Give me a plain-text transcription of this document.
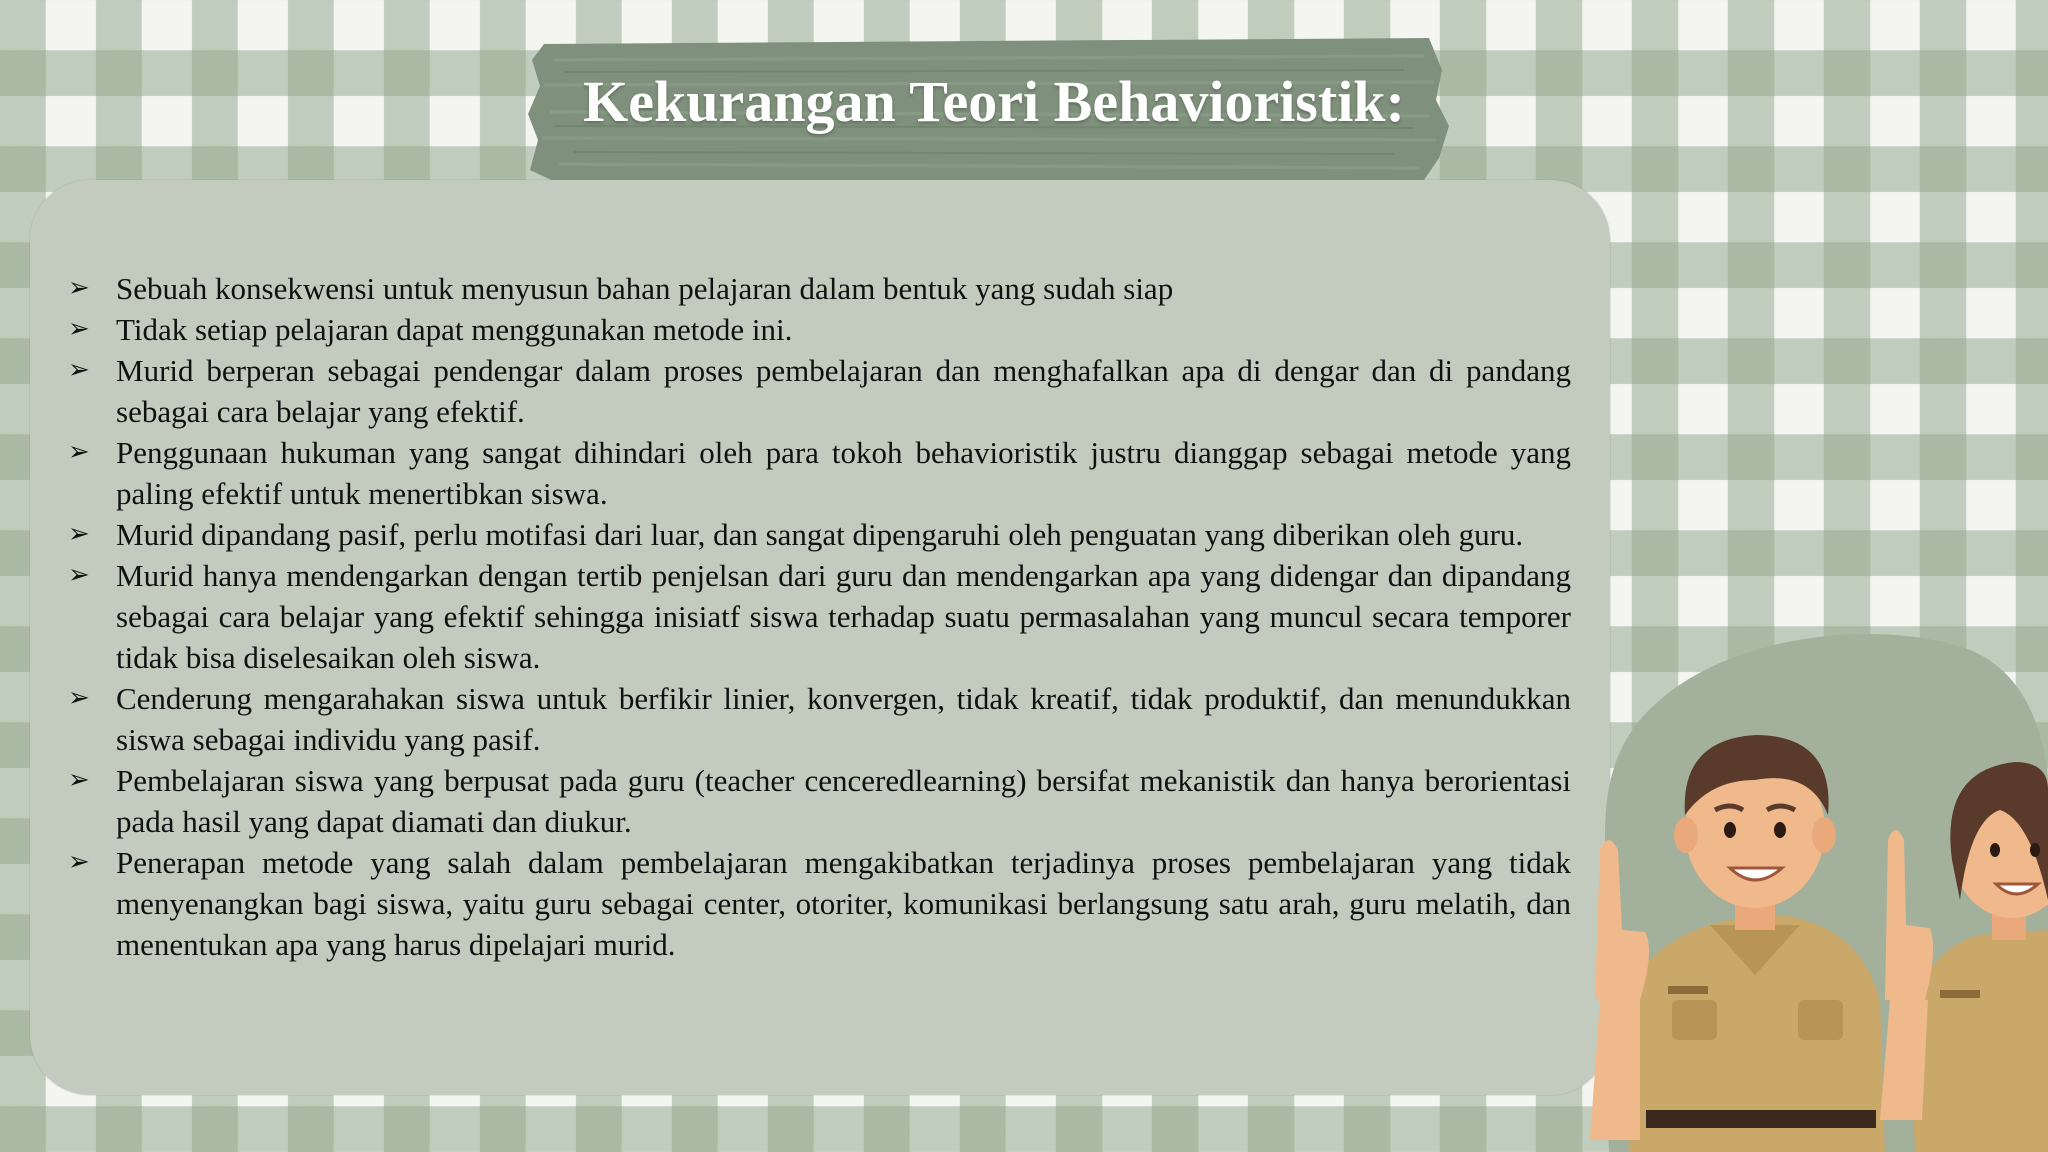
Kekurangan Teori Behavioristik:
➢ Sebuah konsekwensi untuk menyusun bahan pelajaran dalam bentuk yang sudah siap
➢ Tidak setiap pelajaran dapat menggunakan metode ini.
➢ Murid berperan sebagai pendengar dalam proses pembelajaran dan menghafalkan apa di dengar dan di pandang sebagai cara belajar yang efektif.
➢ Penggunaan hukuman yang sangat dihindari oleh para tokoh behavioristik justru dianggap sebagai metode yang paling efektif untuk menertibkan siswa.
➢ Murid dipandang pasif, perlu motifasi dari luar, dan sangat dipengaruhi oleh penguatan yang diberikan oleh guru.
➢ Murid hanya mendengarkan dengan tertib penjelsan dari guru dan mendengarkan apa yang didengar dan dipandang sebagai cara belajar yang efektif sehingga inisiatf siswa terhadap suatu permasalahan yang muncul secara temporer tidak bisa diselesaikan oleh siswa.
➢ Cenderung mengarahakan siswa untuk berfikir linier, konvergen, tidak kreatif, tidak produktif, dan menundukkan siswa sebagai individu yang pasif.
➢ Pembelajaran siswa yang berpusat pada guru (teacher cenceredlearning) bersifat mekanistik dan hanya berorientasi pada hasil yang dapat diamati dan diukur.
➢ Penerapan metode yang salah dalam pembelajaran mengakibatkan terjadinya proses pembelajaran yang tidak menyenangkan bagi siswa, yaitu guru sebagai center, otoriter, komunikasi berlangsung satu arah, guru melatih, dan menentukan apa yang harus dipelajari murid.
